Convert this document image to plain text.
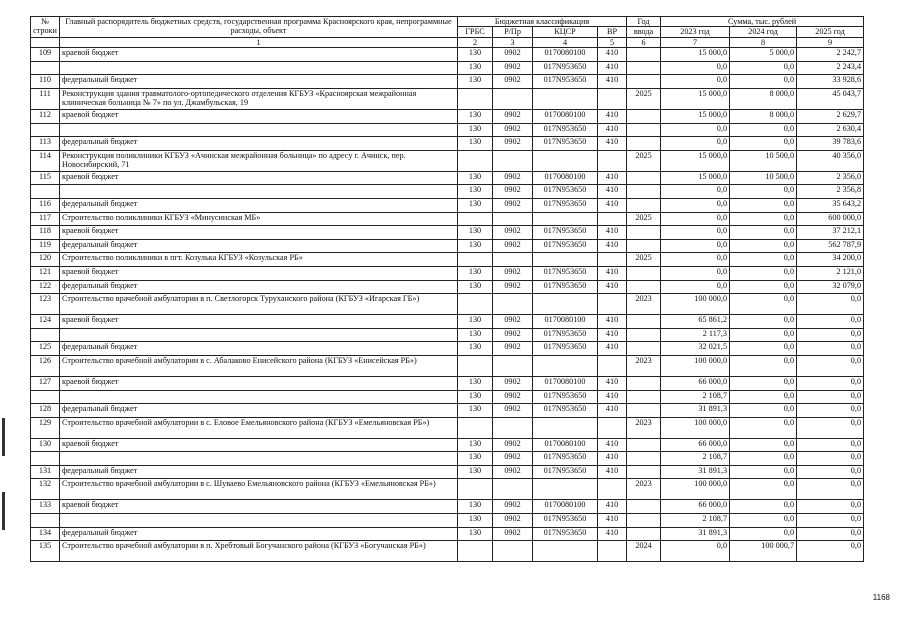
№
строки	Главный распорядитель бюджетных средств, государственная программа Красноярского края, непрограммные расходы, объект	Бюджетная классификация				Год	Сумма, тыс. рублей		
		ГРБС	Р/Пр	КЦСР	ВР	ввода	2023 год	2024 год	2025 год
	1	2	3	4	5	6	7	8	9
109	краевой бюджет	130	0902	0170080100	410		15 000,0	5 000,0	2 242,7
		130	0902	017N953650	410		0,0	0,0	2 243,4
110	федеральный бюджет	130	0902	017N953650	410		0,0	0,0	33 928,6
111	Реконструкция здания травматолого-ортопедического отделения КГБУЗ «Красноярская межрайонная клиническая больница № 7» по ул. Джамбульская, 19					2025	15 000,0	8 000,0	45 043,7
112	краевой бюджет	130	0902	0170080100	410		15 000,0	8 000,0	2 629,7
		130	0902	017N953650	410		0,0	0,0	2 630,4
113	федеральный бюджет	130	0902	017N953650	410		0,0	0,0	39 783,6
114	Реконструкция поликлиники КГБУЗ «Ачинская межрайонная больница» по адресу г. Ачинск, пер. Новосибирский, 71					2025	15 000,0	10 500,0	40 356,0
115	краевой бюджет	130	0902	0170080100	410		15 000,0	10 500,0	2 356,0
		130	0902	017N953650	410		0,0	0,0	2 356,8
116	федеральный бюджет	130	0902	017N953650	410		0,0	0,0	35 643,2
117	Строительство поликлиники КГБУЗ «Минусинская МБ»					2025	0,0	0,0	600 000,0
118	краевой бюджет	130	0902	017N953650	410		0,0	0,0	37 212,1
119	федеральный бюджет	130	0902	017N953650	410		0,0	0,0	562 787,9
120	Строительство поликлиники в пгт. Козулька КГБУЗ «Козульская РБ»					2025	0,0	0,0	34 200,0
121	краевой бюджет	130	0902	017N953650	410		0,0	0,0	2 121,0
122	федеральный бюджет	130	0902	017N953650	410		0,0	0,0	32 079,0
123	Строительство врачебной амбулатории в п. Светлогорск Туруханского района (КГБУЗ «Игарская ГБ»)					2023	100 000,0	0,0	0,0
124	краевой бюджет	130	0902	0170080100	410		65 861,2	0,0	0,0
		130	0902	017N953650	410		2 117,3	0,0	0,0
125	федеральный бюджет	130	0902	017N953650	410		32 021,5	0,0	0,0
126	Строительство врачебной амбулатории в с. Абалаково Енисейского района (КГБУЗ «Енисейская РБ»)					2023	100 000,0	0,0	0,0
127	краевой бюджет	130	0902	0170080100	410		66 000,0	0,0	0,0
		130	0902	017N953650	410		2 108,7	0,0	0,0
128	федеральный бюджет	130	0902	017N953650	410		31 891,3	0,0	0,0
129	Строительство врачебной амбулатории в с. Еловое Емельяновского района (КГБУЗ «Емельяновская РБ»)					2023	100 000,0	0,0	0,0
130	краевой бюджет	130	0902	0170080100	410		66 000,0	0,0	0,0
		130	0902	017N953650	410		2 108,7	0,0	0,0
131	федеральный бюджет	130	0902	017N953650	410		31 891,3	0,0	0,0
132	Строительство врачебной амбулатории в с. Шуваево Емельяновского района (КГБУЗ «Емельяновская РБ»)					2023	100 000,0	0,0	0,0
133	краевой бюджет	130	0902	0170080100	410		66 000,0	0,0	0,0
		130	0902	017N953650	410		2 108,7	0,0	0,0
134	федеральный бюджет	130	0902	017N953650	410		31 891,3	0,0	0,0
135	Строительство врачебной амбулатории в п. Хребтовый Богучанского района (КГБУЗ «Богучанская РБ»)					2024	0,0	100 000,7	0,0
1168
